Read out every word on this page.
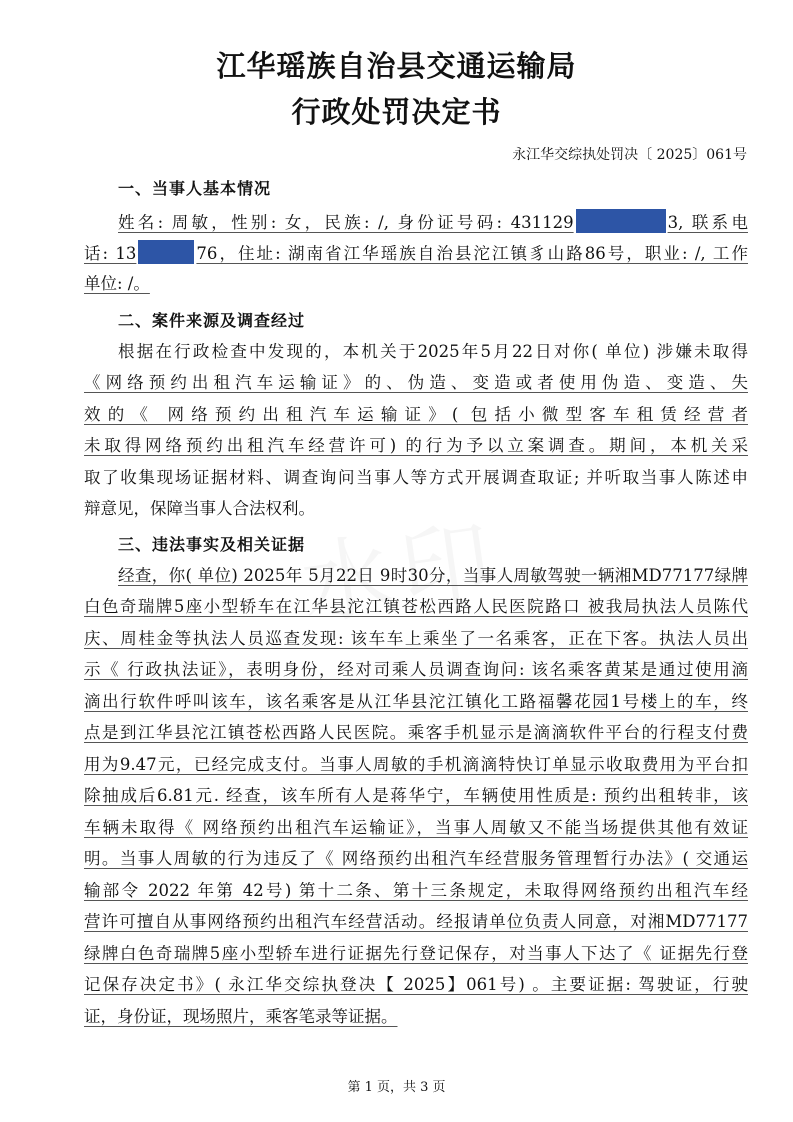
江华瑶族自治县交通运输局
行政处罚决定书
永江华交综执处罚决〔 2025〕061号
一、当事人基本情况
姓名: 周敏，性别: 女，民族: /, 身份证号码: 431129	3, 联系电
话: 13	76，住址: 湖南省江华瑶族自治县沱江镇豸山路86号，职业: /, 工作
单位: /。
二、案件来源及调查经过
根据在行政检查中发现的，本机关于2025年5月22日对你( 单位) 涉嫌未取得
《网络预约出租汽车运输证》的、伪造、变造或者使用伪造、变造、失
效的《 网络预约出租汽车运输证》( 包括小微型客车租赁经营者
未取得网络预约出租汽车经营许可) 的行为予以立案调查。期间，本机关采
取了收集现场证据材料、调查询问当事人等方式开展调查取证; 并听取当事人陈述申
辩意见，保障当事人合法权利。
三、违法事实及相关证据
经查，你( 单位) 2025年 5月22日 9时30分，当事人周敏驾驶一辆湘MD77177绿牌
白色奇瑞牌5座小型轿车在江华县沱江镇苍松西路人民医院路口 被我局执法人员陈代
庆、周桂金等执法人员巡查发现: 该车车上乘坐了一名乘客，正在下客。执法人员出
示《 行政执法证》，表明身份，经对司乘人员调查询问: 该名乘客黄某是通过使用滴
滴出行软件呼叫该车，该名乘客是从江华县沱江镇化工路福馨花园1号楼上的车，终
点是到江华县沱江镇苍松西路人民医院。乘客手机显示是滴滴软件平台的行程支付费
用为9.47元，已经完成支付。当事人周敏的手机滴滴特快订单显示收取费用为平台扣
除抽成后6.81元. 经查，该车所有人是蒋华宁，车辆使用性质是: 预约出租转非，该
车辆未取得《 网络预约出租汽车运输证》，当事人周敏又不能当场提供其他有效证
明。当事人周敏的行为违反了《 网络预约出租汽车经营服务管理暂行办法》( 交通运
输部令 2022 年第 42号) 第十二条、第十三条规定，未取得网络预约出租汽车经
营许可擅自从事网络预约出租汽车经营活动。经报请单位负责人同意，对湘MD77177
绿牌白色奇瑞牌5座小型轿车进行证据先行登记保存，对当事人下达了《 证据先行登
记保存决定书》( 永江华交综执登决【 2025】061号) 。主要证据: 驾驶证，行驶
证，身份证，现场照片，乘客笔录等证据。
第 1 页，共 3 页
